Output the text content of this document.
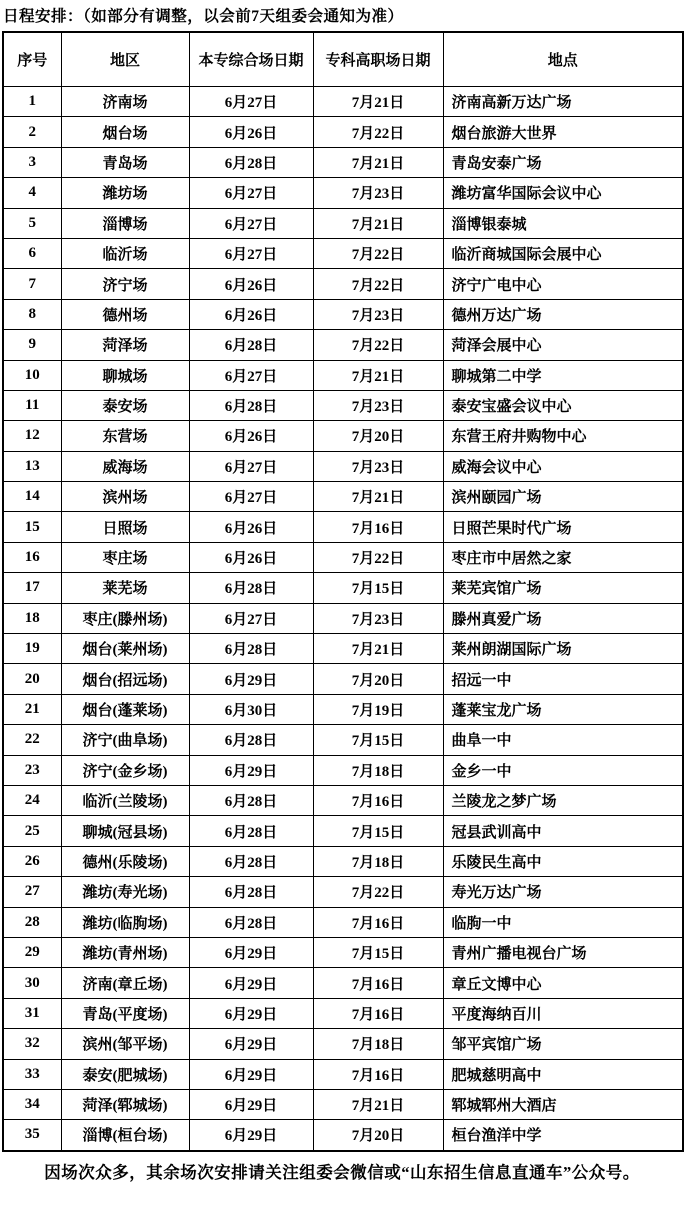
日程安排：（如部分有调整，以会前7天组委会通知为准）
序号	地区	本专综合场日期	专科高职场日期	地点
1	济南场	6月27日	7月21日	济南高新万达广场
2	烟台场	6月26日	7月22日	烟台旅游大世界
3	青岛场	6月28日	7月21日	青岛安泰广场
4	潍坊场	6月27日	7月23日	潍坊富华国际会议中心
5	淄博场	6月27日	7月21日	淄博银泰城
6	临沂场	6月27日	7月22日	临沂商城国际会展中心
7	济宁场	6月26日	7月22日	济宁广电中心
8	德州场	6月26日	7月23日	德州万达广场
9	菏泽场	6月28日	7月22日	菏泽会展中心
10	聊城场	6月27日	7月21日	聊城第二中学
11	泰安场	6月28日	7月23日	泰安宝盛会议中心
12	东营场	6月26日	7月20日	东营王府井购物中心
13	威海场	6月27日	7月23日	威海会议中心
14	滨州场	6月27日	7月21日	滨州颐园广场
15	日照场	6月26日	7月16日	日照芒果时代广场
16	枣庄场	6月26日	7月22日	枣庄市中居然之家
17	莱芜场	6月28日	7月15日	莱芜宾馆广场
18	枣庄(滕州场)	6月27日	7月23日	滕州真爱广场
19	烟台(莱州场)	6月28日	7月21日	莱州朗湖国际广场
20	烟台(招远场)	6月29日	7月20日	招远一中
21	烟台(蓬莱场)	6月30日	7月19日	蓬莱宝龙广场
22	济宁(曲阜场)	6月28日	7月15日	曲阜一中
23	济宁(金乡场)	6月29日	7月18日	金乡一中
24	临沂(兰陵场)	6月28日	7月16日	兰陵龙之梦广场
25	聊城(冠县场)	6月28日	7月15日	冠县武训高中
26	德州(乐陵场)	6月28日	7月18日	乐陵民生高中
27	潍坊(寿光场)	6月28日	7月22日	寿光万达广场
28	潍坊(临朐场)	6月28日	7月16日	临朐一中
29	潍坊(青州场)	6月29日	7月15日	青州广播电视台广场
30	济南(章丘场)	6月29日	7月16日	章丘文博中心
31	青岛(平度场)	6月29日	7月16日	平度海纳百川
32	滨州(邹平场)	6月29日	7月18日	邹平宾馆广场
33	泰安(肥城场)	6月29日	7月16日	肥城慈明高中
34	菏泽(郓城场)	6月29日	7月21日	郓城郓州大酒店
35	淄博(桓台场)	6月29日	7月20日	桓台渔洋中学
因场次众多，其余场次安排请关注组委会微信或“山东招生信息直通车”公众号。
